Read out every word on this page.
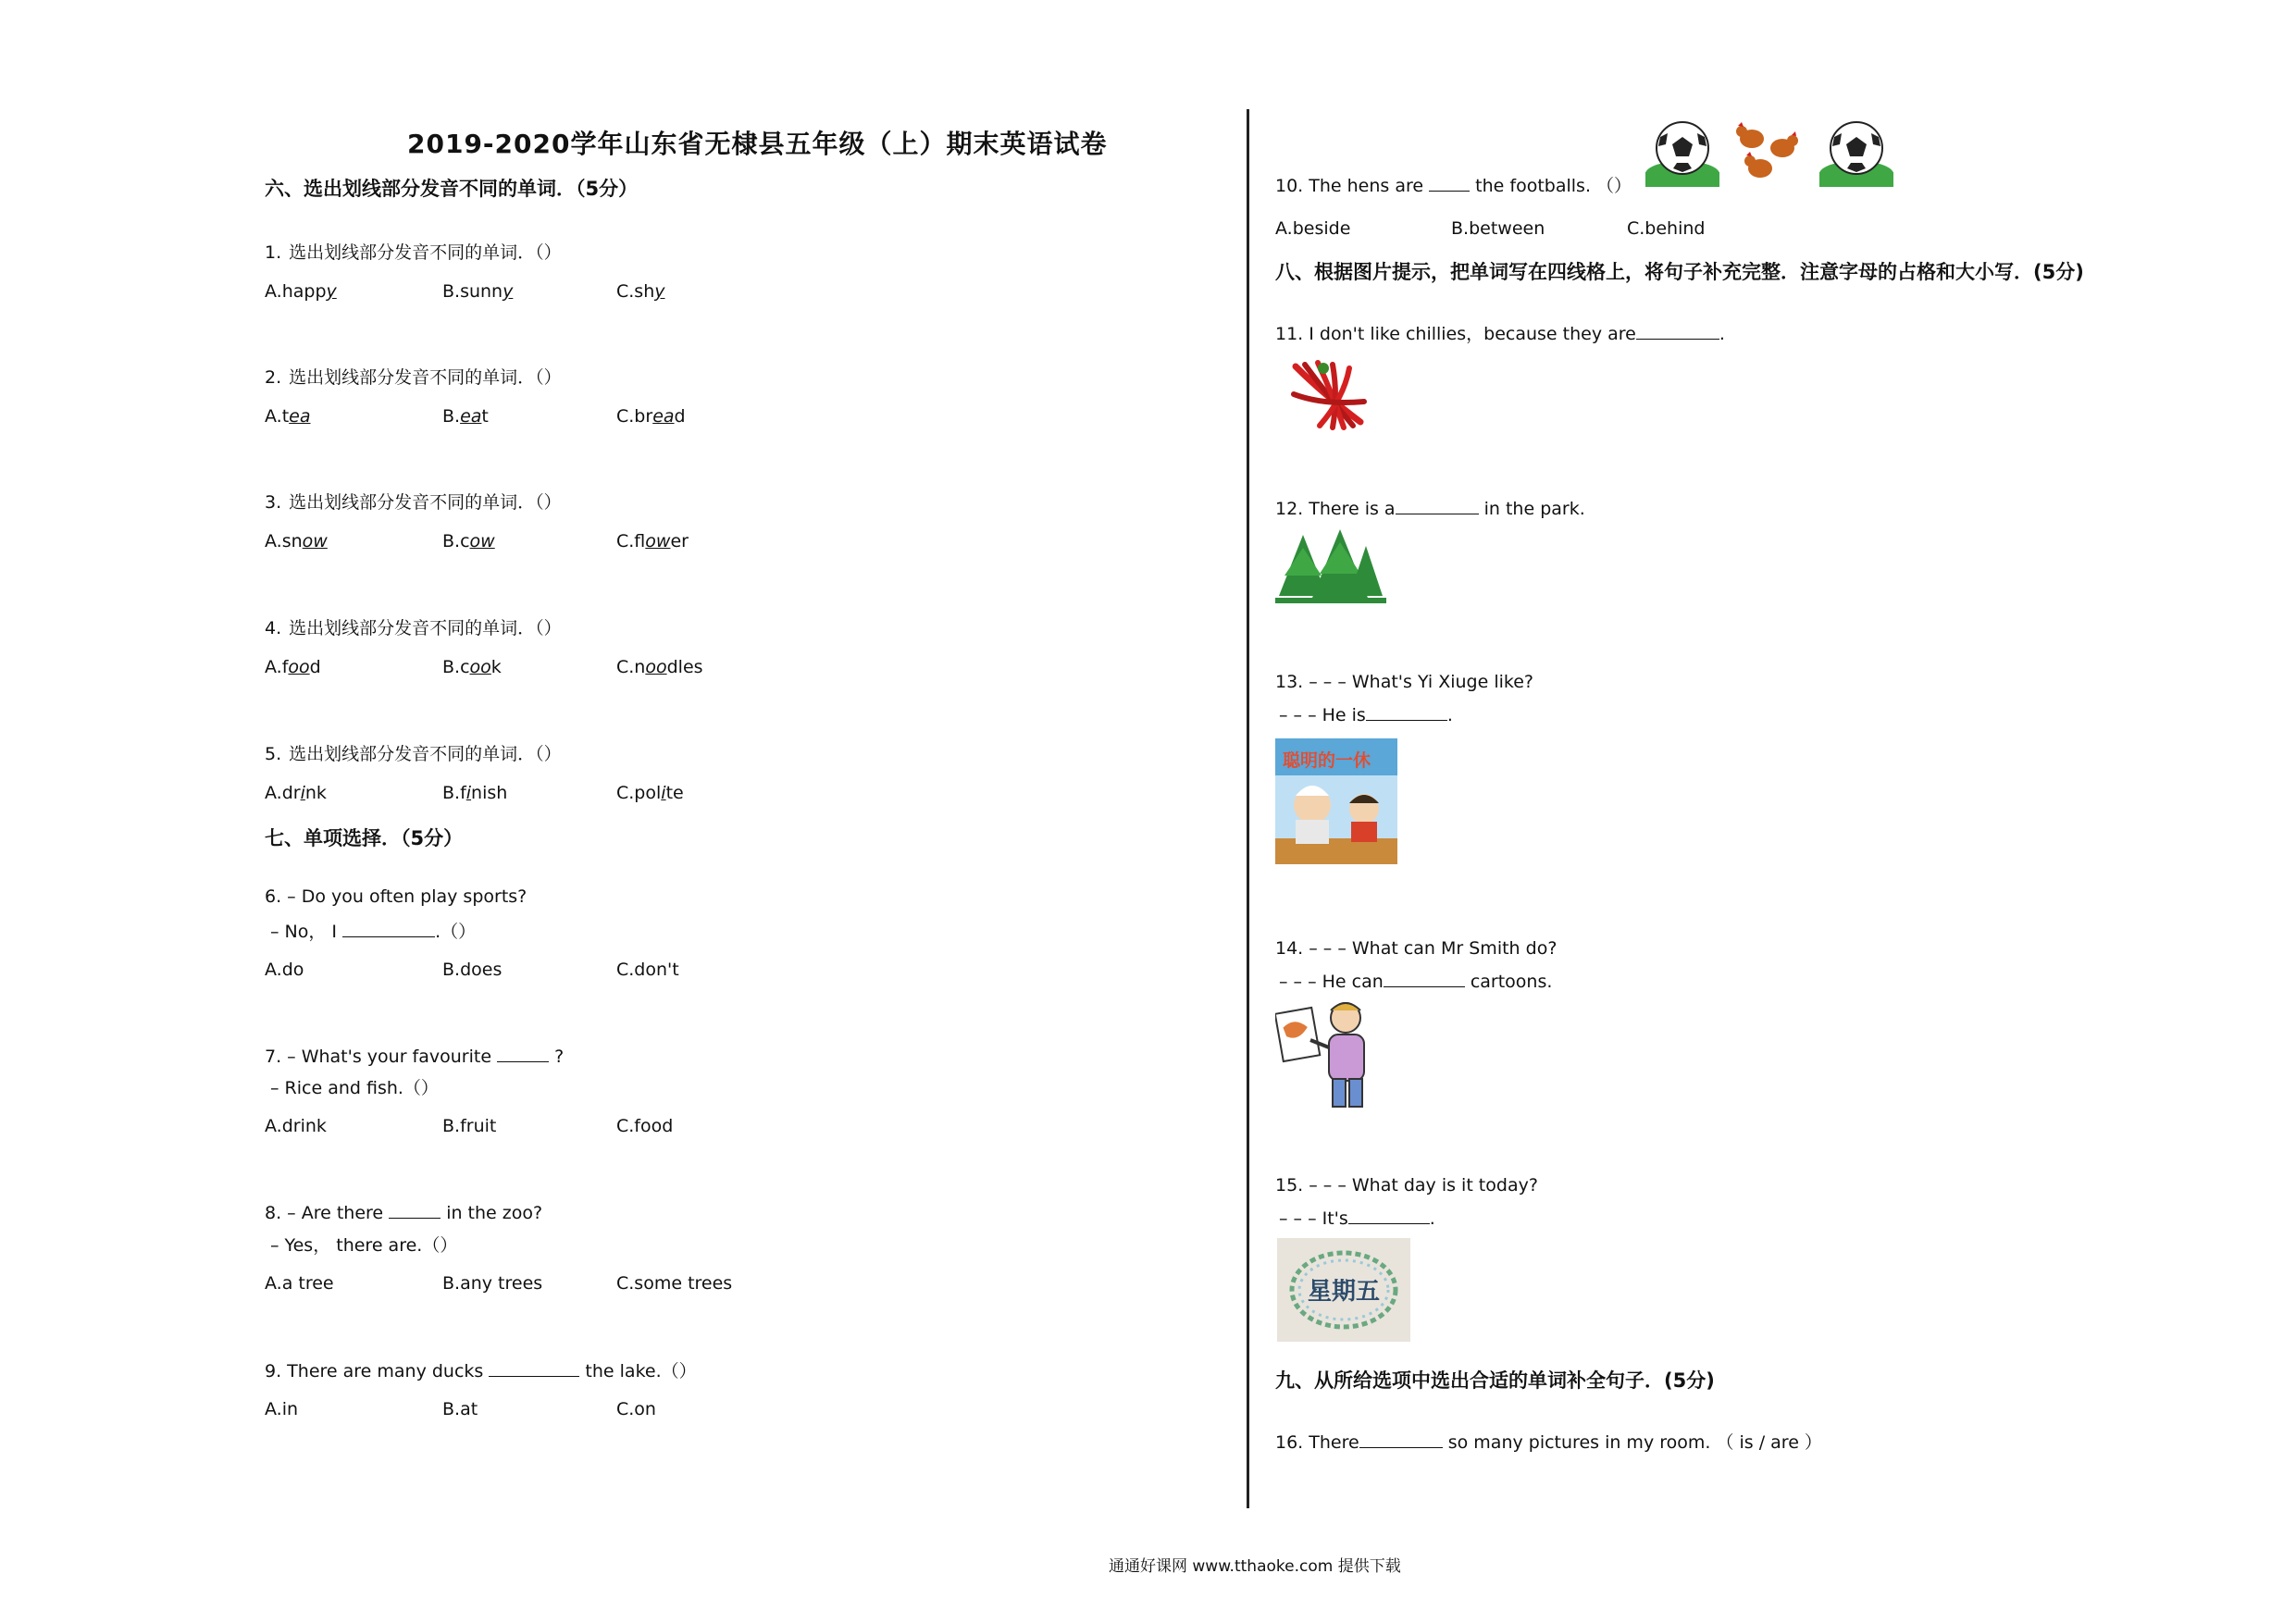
2019-2020学年山东省无棣县五年级（上）期末英语试卷
六、选出划线部分发音不同的单词．（5分）
1. 选出划线部分发音不同的单词．（）
A.happy	B.sunny	C.shy
2. 选出划线部分发音不同的单词．（）
A.tea	B.eat	C.bread
3. 选出划线部分发音不同的单词．（）
A.snow	B.cow	C.flower
4. 选出划线部分发音不同的单词．（）
A.food	B.cook	C.noodles
5. 选出划线部分发音不同的单词．（）
A.drink	B.finish	C.polite
七、单项选择．（5分）
6. – Do you often play sports?
– No， I	.（）
A.do	B.does	C.don't
7. – What's your favourite	?
– Rice and fish.（）
A.drink	B.fruit	C.food
8. – Are there	in the zoo?
– Yes， there are.（）
A.a tree	B.any trees	C.some trees
9. There are many ducks	the lake.（）
A.in	B.at	C.on
10. The hens are	the footballs. （）
A.beside	B.between	C.behind
八、根据图片提示，把单词写在四线格上，将句子补充完整．注意字母的占格和大小写．(5分)
11. I don't like chillies，because they are	.
12. There is a	in the park.
13. – – – What's Yi Xiuge like?
– – – He is	.
聪明的一休
14. – – – What can Mr Smith do?
– – – He can	cartoons.
15. – – – What day is it today?
– – – It's	.
星期五
九、从所给选项中选出合适的单词补全句子．(5分)
16. There	so many pictures in my room. （ is / are ）
通通好课网 www.tthaoke.com 提供下载
